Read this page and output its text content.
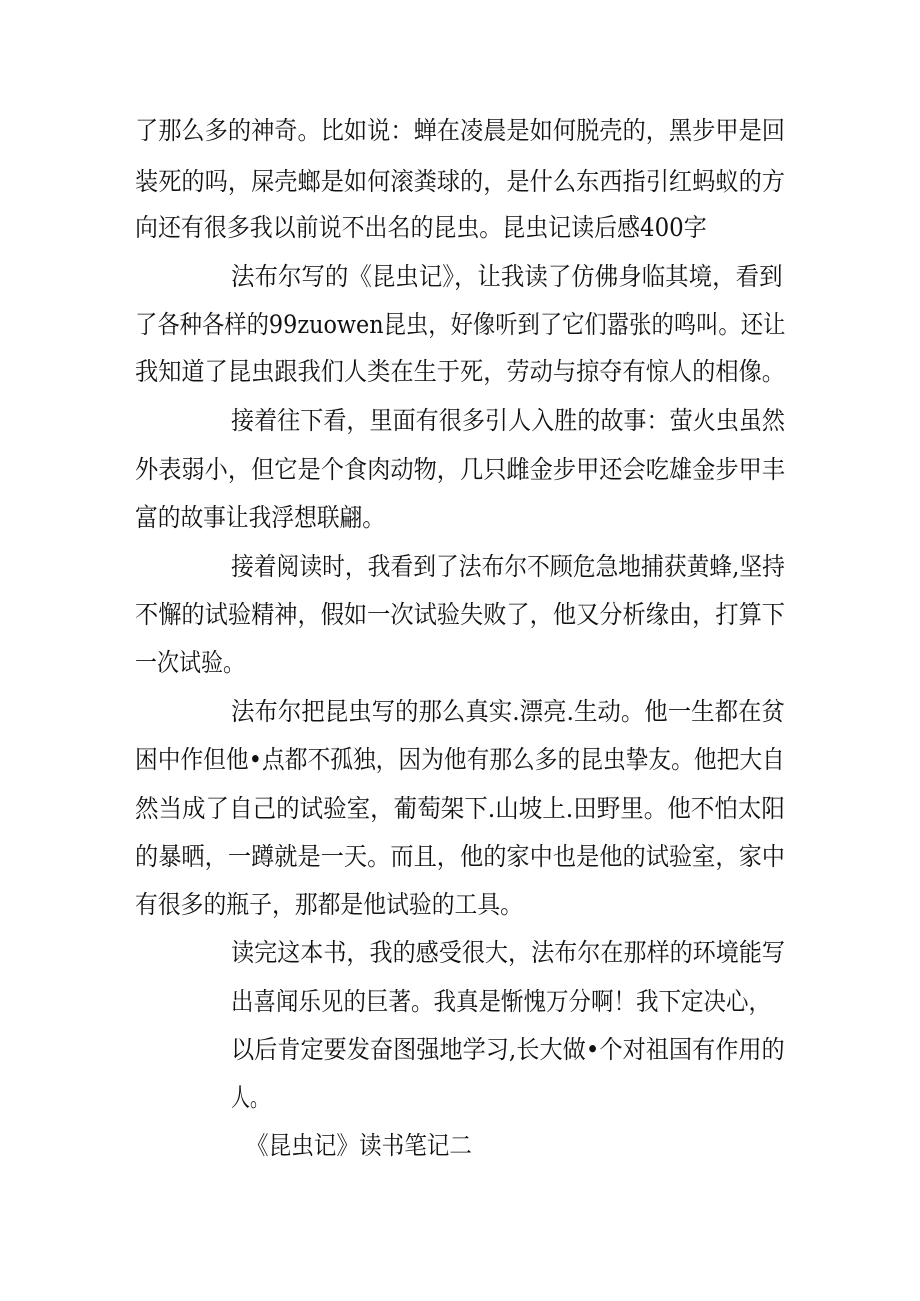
了那么多的神奇。比如说：蝉在凌晨是如何脱壳的，黑步甲是回

装死的吗，屎壳螂是如何滚粪球的，是什么东西指引红蚂蚁的方

向还有很多我以前说不出名的昆虫。昆虫记读后感400字

法布尔写的《昆虫记》，让我读了仿佛身临其境，看到

了各种各样的99zuowen昆虫，好像听到了它们嚣张的鸣叫。还让

我知道了昆虫跟我们人类在生于死，劳动与掠夺有惊人的相像。

接着往下看，里面有很多引人入胜的故事：萤火虫虽然

外表弱小，但它是个食肉动物，几只雌金步甲还会吃雄金步甲丰

富的故事让我浮想联翩。

接着阅读时，我看到了法布尔不顾危急地捕获黄蜂,坚持

不懈的试验精神，假如一次试验失败了，他又分析缘由，打算下

一次试验。

法布尔把昆虫写的那么真实.漂亮.生动。他一生都在贫

困中作但他•点都不孤独，因为他有那么多的昆虫挚友。他把大自

然当成了自己的试验室，葡萄架下.山坡上.田野里。他不怕太阳

的暴晒，一蹲就是一天。而且，他的家中也是他的试验室，家中

有很多的瓶子，那都是他试验的工具。

读完这本书，我的感受很大，法布尔在那样的环境能写

出喜闻乐见的巨著。我真是惭愧万分啊！我下定决心，

以后肯定要发奋图强地学习,长大做•个对祖国有作用的

人。

《昆虫记》读书笔记二
